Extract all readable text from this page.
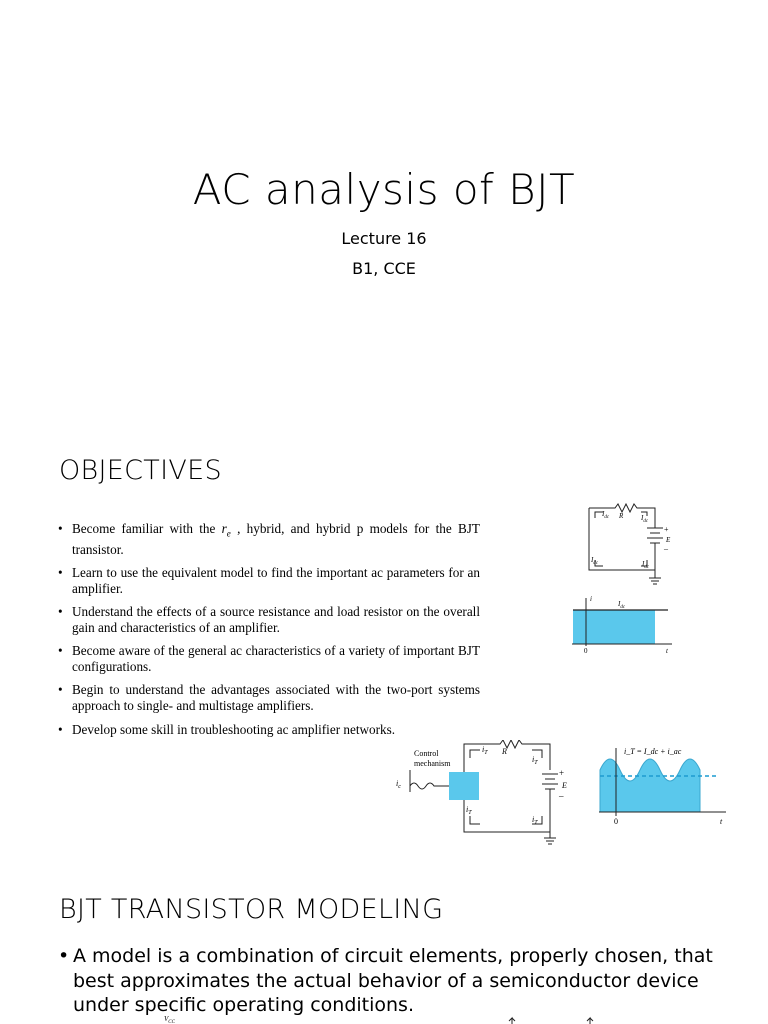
AC analysis of BJT
Lecture 16
B1, CCE
OBJECTIVES
• Become familiar with the $r_e$ , hybrid, and hybrid p models for the BJT transistor.
• Learn to use the equivalent model to find the important ac parameters for an amplifier.
• Understand the effects of a source resistance and load resistor on the overall gain and characteristics of an amplifier.
• Become aware of the general ac characteristics of a variety of important BJT configurations.
• Begin to understand the advantages associated with the two-port systems approach to single- and multistage amplifiers.
• Develop some skill in troubleshooting ac amplifier networks.
$I_{dc}$ R	$I_{dc}$
+
E
–
$I_{dc}$	$I_{dc}$
i
$I_{dc}$
0	t
Control
mechanism
$i_c$
$i_T$ R
$i_T$
+
E
–
$i_T$
$i_T$
i_T = I_dc + i_ac
0	t
BJT TRANSISTOR MODELING
• A model is a combination of circuit elements, properly chosen, that best approximates the actual behavior of a semiconductor device under specific operating conditions.
$V_{CC}$
